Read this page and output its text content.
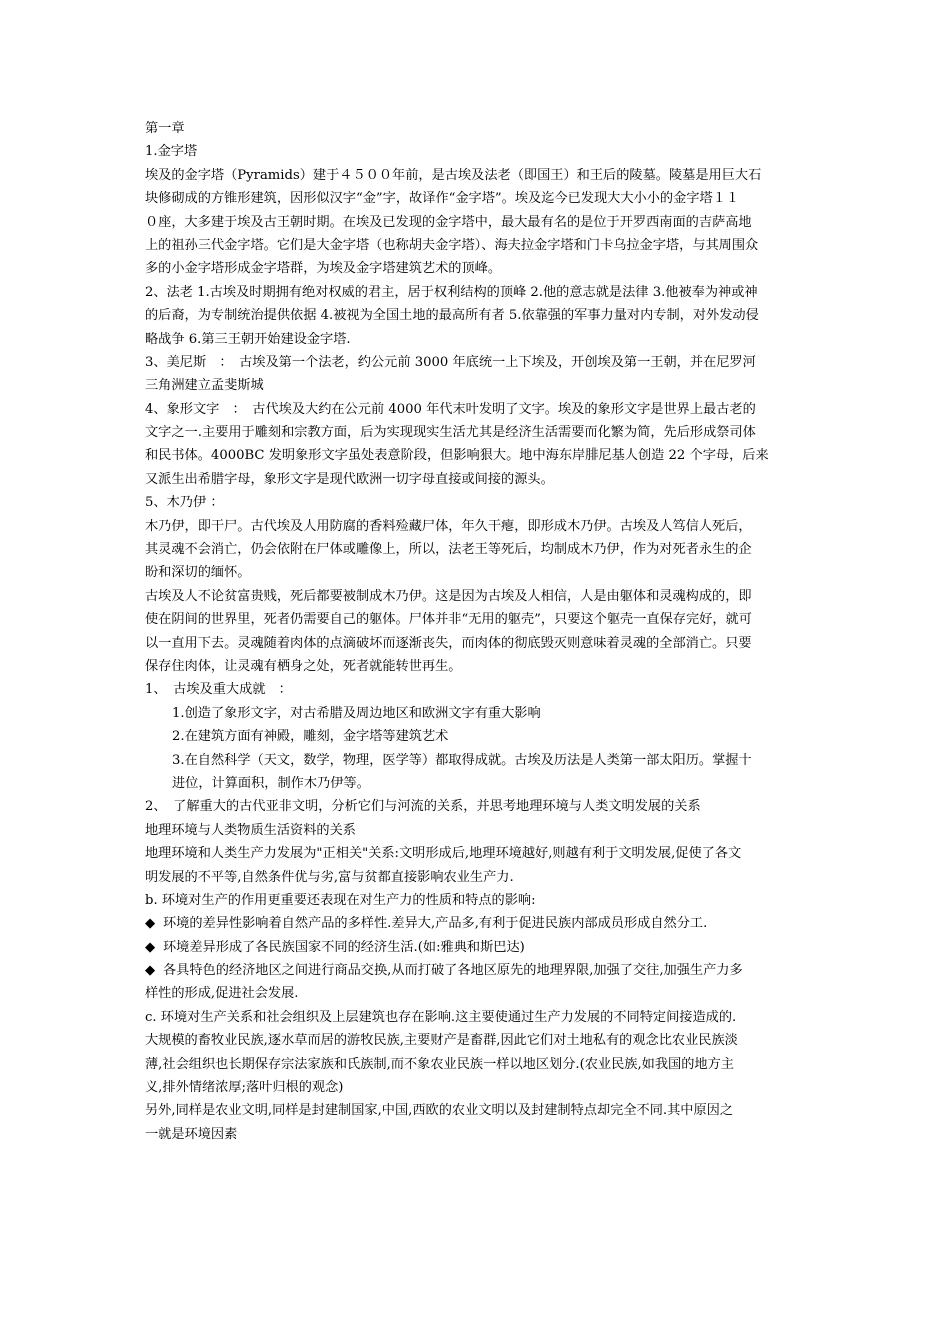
第一章
1.金字塔
埃及的金字塔（Pyramids）建于４５００年前，是古埃及法老（即国王）和王后的陵墓。陵墓是用巨大石
块修砌成的方锥形建筑，因形似汉字“金”字，故译作“金字塔”。埃及迄今已发现大大小小的金字塔１１
０座，大多建于埃及古王朝时期。在埃及已发现的金字塔中，最大最有名的是位于开罗西南面的吉萨高地
上的祖孙三代金字塔。它们是大金字塔（也称胡夫金字塔）、海夫拉金字塔和门卡乌拉金字塔，与其周围众
多的小金字塔形成金字塔群，为埃及金字塔建筑艺术的顶峰。
2、法老 1.古埃及时期拥有绝对权威的君主，居于权利结构的顶峰 2.他的意志就是法律 3.他被奉为神或神
的后裔，为专制统治提供依据 4.被视为全国土地的最高所有者 5.依靠强的军事力量对内专制，对外发动侵
略战争 6.第三王朝开始建设金字塔.
3、美尼斯　：　古埃及第一个法老，约公元前 3000 年底统一上下埃及，开创埃及第一王朝，并在尼罗河
三角洲建立孟斐斯城
4、象形文字　：　古代埃及大约在公元前 4000 年代末叶发明了文字。埃及的象形文字是世界上最古老的
文字之一.主要用于雕刻和宗教方面，后为实现现实生活尤其是经济生活需要而化繁为简，先后形成祭司体
和民书体。4000BC 发明象形文字虽处表意阶段，但影响狠大。地中海东岸腓尼基人创造 22 个字母，后来
又派生出希腊字母，象形文字是现代欧洲一切字母直接或间接的源头。
5、木乃伊 ：
木乃伊，即干尸。古代埃及人用防腐的香料殓藏尸体，年久干瘪，即形成木乃伊。古埃及人笃信人死后，
其灵魂不会消亡，仍会依附在尸体或雕像上，所以，法老王等死后，均制成木乃伊，作为对死者永生的企
盼和深切的缅怀。
古埃及人不论贫富贵贱，死后都要被制成木乃伊。这是因为古埃及人相信，人是由躯体和灵魂构成的，即
使在阴间的世界里，死者仍需要自己的躯体。尸体并非“无用的躯壳”，只要这个躯壳一直保存完好，就可
以一直用下去。灵魂随着肉体的点滴破坏而逐渐丧失，而肉体的彻底毁灭则意味着灵魂的全部消亡。只要
保存住肉体，让灵魂有栖身之处，死者就能转世再生。
1、　古埃及重大成就　：
1.创造了象形文字，对古希腊及周边地区和欧洲文字有重大影响
2.在建筑方面有神殿，雕刻，金字塔等建筑艺术
3.在自然科学（天文，数学，物理，医学等）都取得成就。古埃及历法是人类第一部太阳历。掌握十
进位，计算面积，制作木乃伊等。
2、　了解重大的古代亚非文明，分析它们与河流的关系，并思考地理环境与人类文明发展的关系
地理环境与人类物质生活资料的关系
地理环境和人类生产力发展为"正相关"关系:文明形成后,地理环境越好,则越有利于文明发展,促使了各文
明发展的不平等,自然条件优与劣,富与贫都直接影响农业生产力.
b. 环境对生产的作用更重要还表现在对生产力的性质和特点的影响:
◆ 环境的差异性影响着自然产品的多样性.差异大,产品多,有利于促进民族内部成员形成自然分工.
◆ 环境差异形成了各民族国家不同的经济生活.(如:雅典和斯巴达)
◆ 各具特色的经济地区之间进行商品交换,从而打破了各地区原先的地理界限,加强了交往,加强生产力多
样性的形成,促进社会发展.
c. 环境对生产关系和社会组织及上层建筑也存在影响.这主要使通过生产力发展的不同特定间接造成的.
大规模的畜牧业民族,逐水草而居的游牧民族,主要财产是畜群,因此它们对土地私有的观念比农业民族淡
薄,社会组织也长期保存宗法家族和氏族制,而不象农业民族一样以地区划分.(农业民族,如我国的地方主
义,排外情绪浓厚;落叶归根的观念)
另外,同样是农业文明,同样是封建制国家,中国,西欧的农业文明以及封建制特点却完全不同.其中原因之
一就是环境因素
